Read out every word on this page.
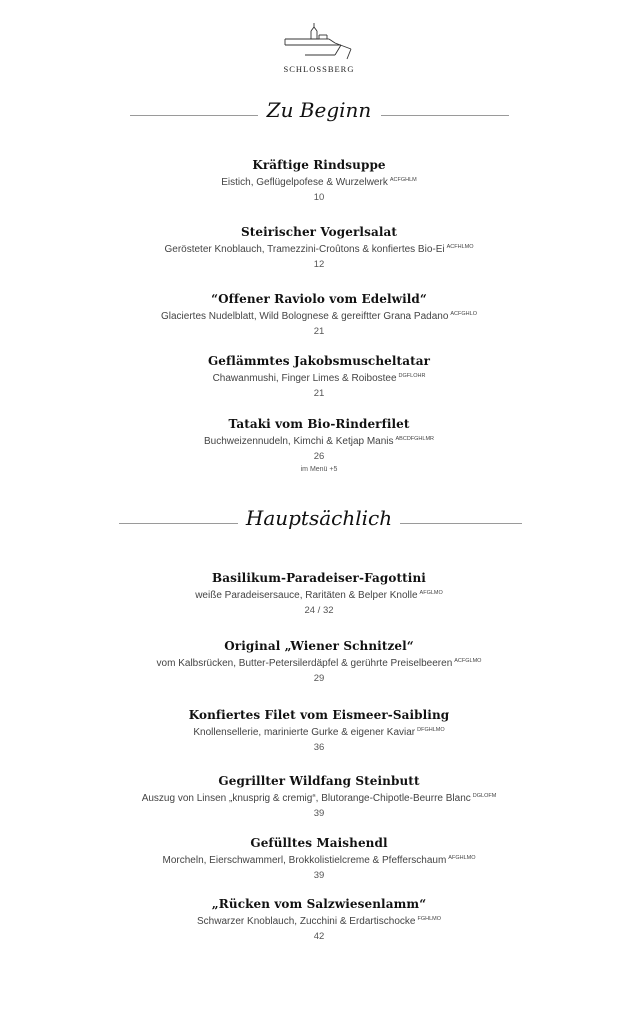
SCHLOSSBERG
Zu Beginn
Kräftige Rindsuppe
Eistich, Geflügelpofese & Wurzelwerk $^{ACFGHLM}$
10
Steirischer Vogerlsalat
Gerösteter Knoblauch, Tramezzini-Croûtons & konfiertes Bio-Ei $^{ACFHLMO}$
12
“Offener Raviolo vom Edelwild“
Glaciertes Nudelblatt, Wild Bolognese & gereiftter Grana Padano $^{ACFGHLO}$
21
Geflämmtes Jakobsmuscheltatar
Chawanmushi, Finger Limes & Roibostee $^{DGFLOHR}$
21
Tataki vom Bio-Rinderfilet
Buchweizennudeln, Kimchi & Ketjap Manis $^{ABCDFGHLMR}$
26
im Menü +5
Hauptsächlich
Basilikum-Paradeiser-Fagottini
weiße Paradeisersauce, Raritäten & Belper Knolle $^{AFGLMO}$
24 / 32
Original „Wiener Schnitzel“
vom Kalbsrücken, Butter-Petersilerdäpfel & gerührte Preiselbeeren $^{ACFGLMO}$
29
Konfiertes Filet vom Eismeer-Saibling
Knollensellerie, marinierte Gurke & eigener Kaviar $^{DFGHLMO}$
36
Gegrillter Wildfang Steinbutt
Auszug von Linsen „knusprig & cremig“, Blutorange-Chipotle-Beurre Blanc $^{DGLOFM}$
39
Gefülltes Maishendl
Morcheln, Eierschwammerl, Brokkolistielcreme & Pfefferschaum $^{AFGHLMO}$
39
„Rücken vom Salzwiesenlamm“
Schwarzer Knoblauch, Zucchini & Erdartischocke $^{FGHLMO}$
42
